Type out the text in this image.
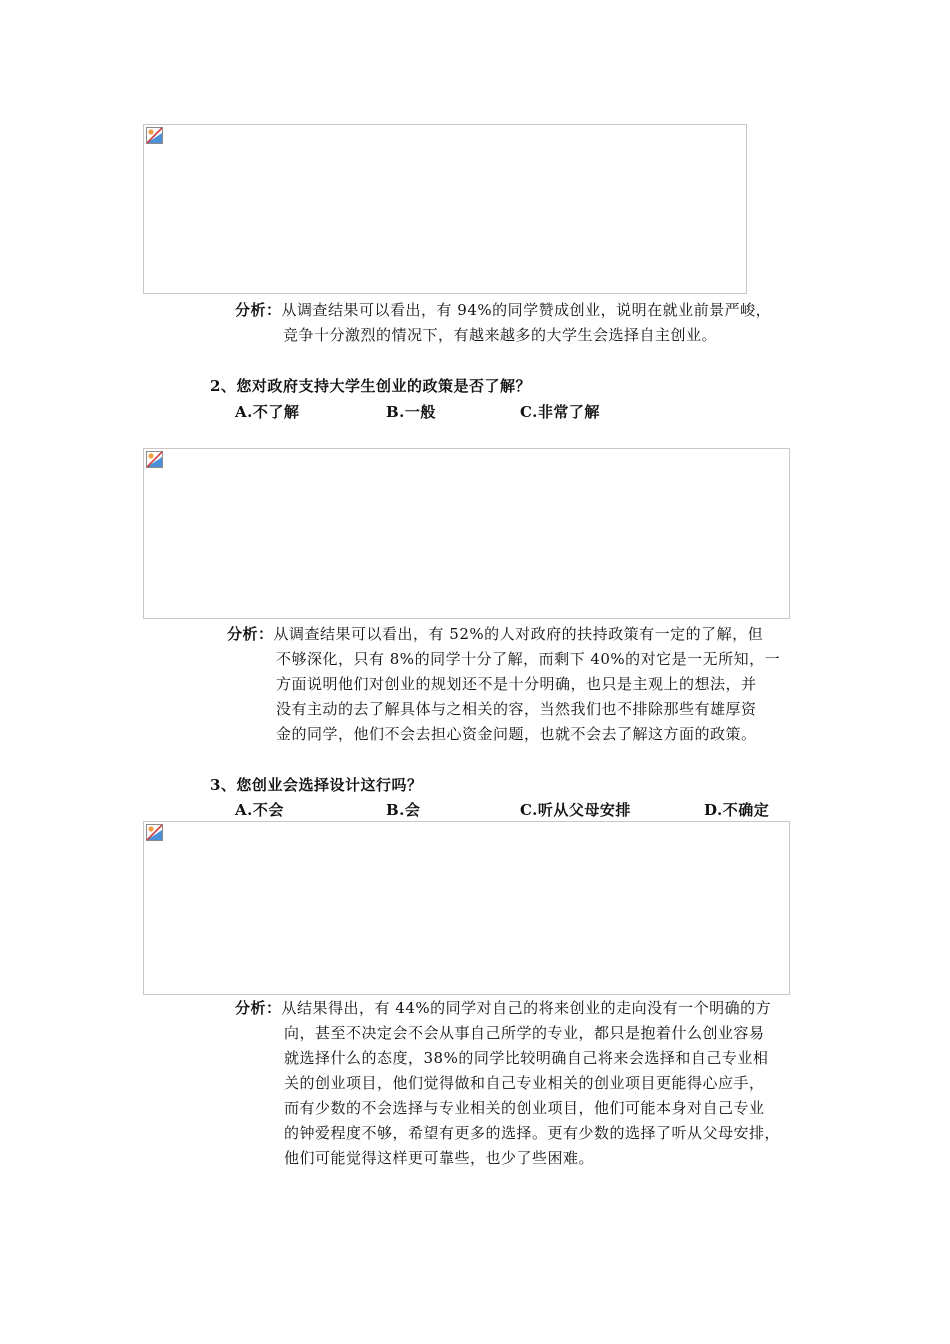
分析：从调查结果可以看出，有 94%的同学赞成创业，说明在就业前景严峻，
竞争十分激烈的情况下，有越来越多的大学生会选择自主创业。
2、您对政府支持大学生创业的政策是否了解？
A.不了解	B.一般	C.非常了解
分析：从调查结果可以看出，有 52%的人对政府的扶持政策有一定的了解，但
不够深化，只有 8%的同学十分了解，而剩下 40%的对它是一无所知，一
方面说明他们对创业的规划还不是十分明确，也只是主观上的想法，并
没有主动的去了解具体与之相关的容，当然我们也不排除那些有雄厚资
金的同学，他们不会去担心资金问题，也就不会去了解这方面的政策。
3、您创业会选择设计这行吗？
A.不会	B.会	C.听从父母安排	D.不确定
分析：从结果得出，有 44%的同学对自己的将来创业的走向没有一个明确的方
向，甚至不决定会不会从事自己所学的专业，都只是抱着什么创业容易
就选择什么的态度，38%的同学比较明确自己将来会选择和自己专业相
关的创业项目，他们觉得做和自己专业相关的创业项目更能得心应手，
而有少数的不会选择与专业相关的创业项目，他们可能本身对自己专业
的钟爱程度不够，希望有更多的选择。更有少数的选择了听从父母安排，
他们可能觉得这样更可靠些，也少了些困难。
